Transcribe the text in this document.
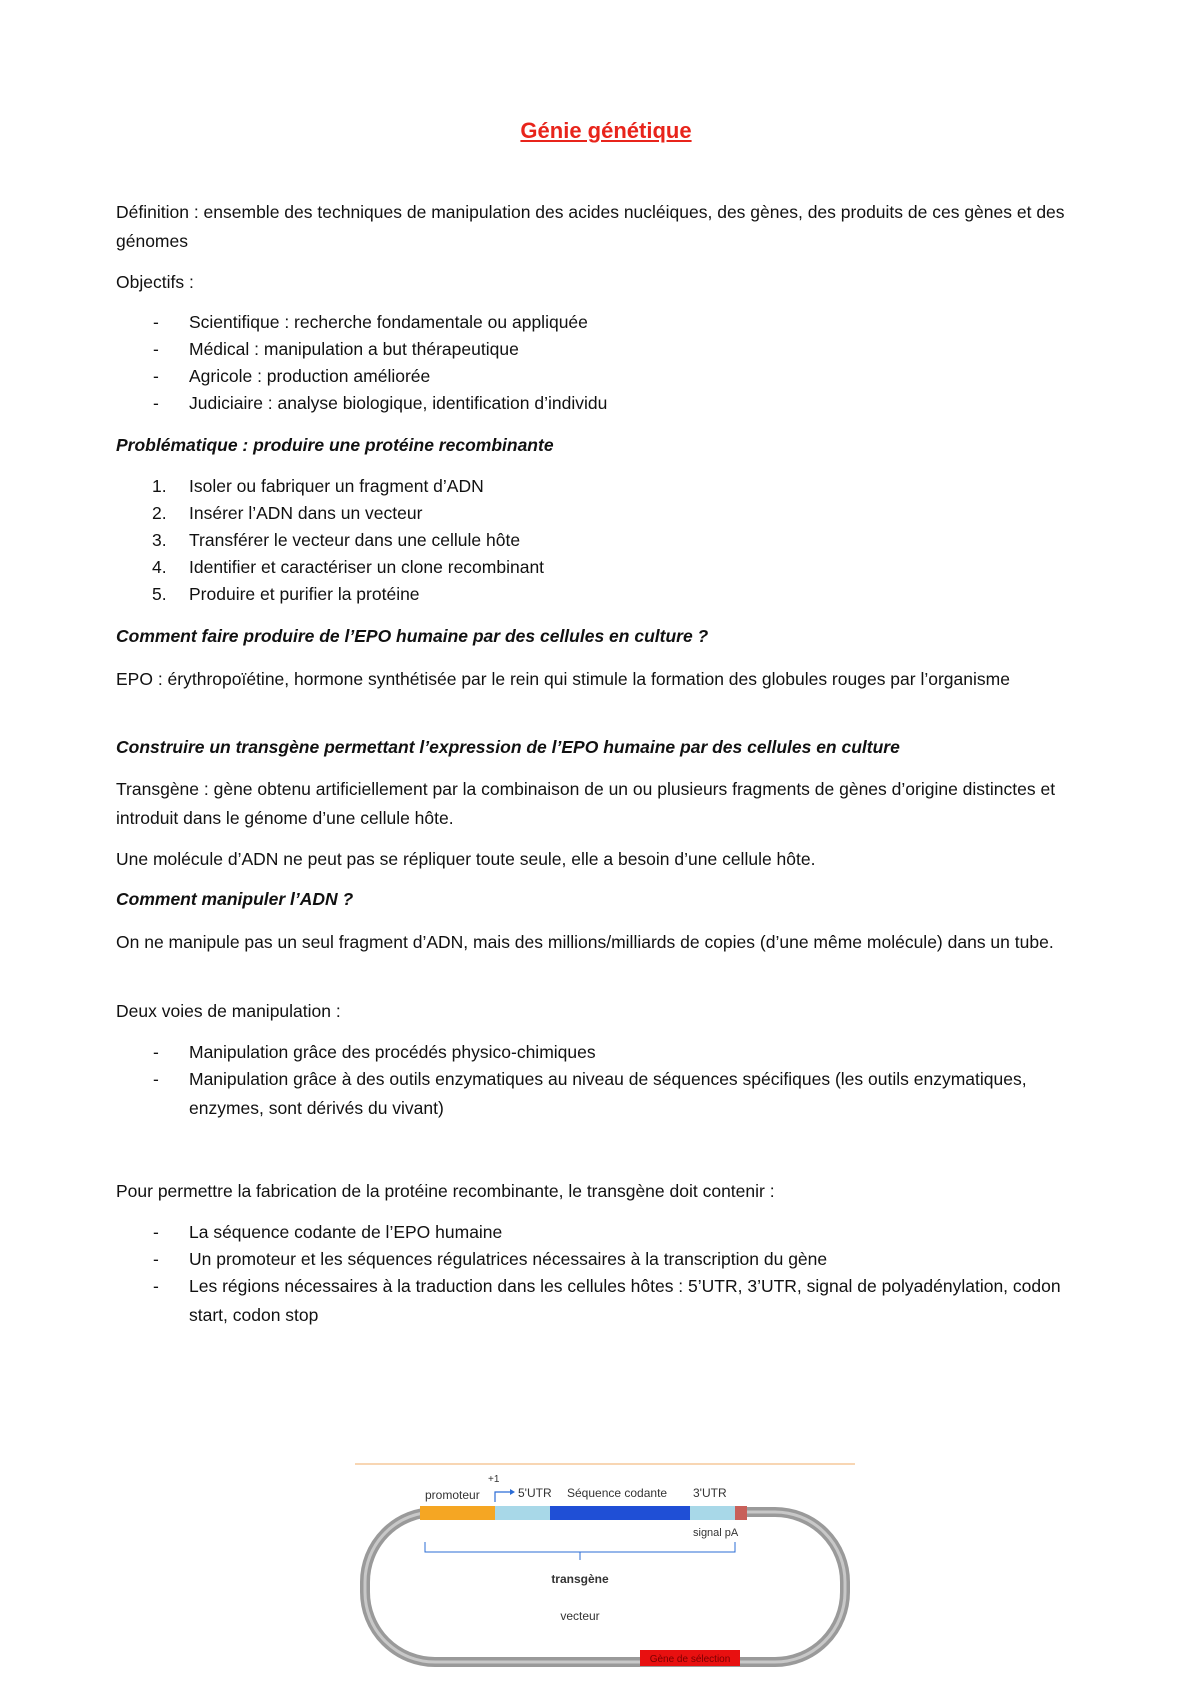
Génie génétique
Définition : ensemble des techniques de manipulation des acides nucléiques, des gènes, des produits de ces gènes et des génomes
Objectifs :
- Scientifique : recherche fondamentale ou appliquée
- Médical : manipulation a but thérapeutique
- Agricole : production améliorée
- Judiciaire : analyse biologique, identification d’individu
Problématique : produire une protéine recombinante
1. Isoler ou fabriquer un fragment d’ADN
2. Insérer l’ADN dans un vecteur
3. Transférer le vecteur dans une cellule hôte
4. Identifier et caractériser un clone recombinant
5. Produire et purifier la protéine
Comment faire produire de l’EPO humaine par des cellules en culture ?
EPO : érythropoïétine, hormone synthétisée par le rein qui stimule la formation des globules rouges par l’organisme
Construire un transgène permettant l’expression de l’EPO humaine par des cellules en culture
Transgène : gène obtenu artificiellement par la combinaison de un ou plusieurs fragments de gènes d’origine distinctes et introduit dans le génome d’une cellule hôte.
Une molécule d’ADN ne peut pas se répliquer toute seule, elle a besoin d’une cellule hôte.
Comment manipuler l’ADN ?
On ne manipule pas un seul fragment d’ADN, mais des millions/milliards de copies (d’une même molécule) dans un tube.
Deux voies de manipulation :
- Manipulation grâce des procédés physico-chimiques
- Manipulation grâce à des outils enzymatiques au niveau de séquences spécifiques (les outils enzymatiques, enzymes, sont dérivés du vivant)
Pour permettre la fabrication de la protéine recombinante, le transgène doit contenir :
- La séquence codante de l’EPO humaine
- Un promoteur et les séquences régulatrices nécessaires à la transcription du gène
- Les régions nécessaires à la traduction dans les cellules hôtes : 5’UTR, 3’UTR, signal de polyadénylation, codon start, codon stop
Gène de sélection
+1
promoteur	5'UTR Séquence codante 3'UTR
signal pA
transgène
vecteur
